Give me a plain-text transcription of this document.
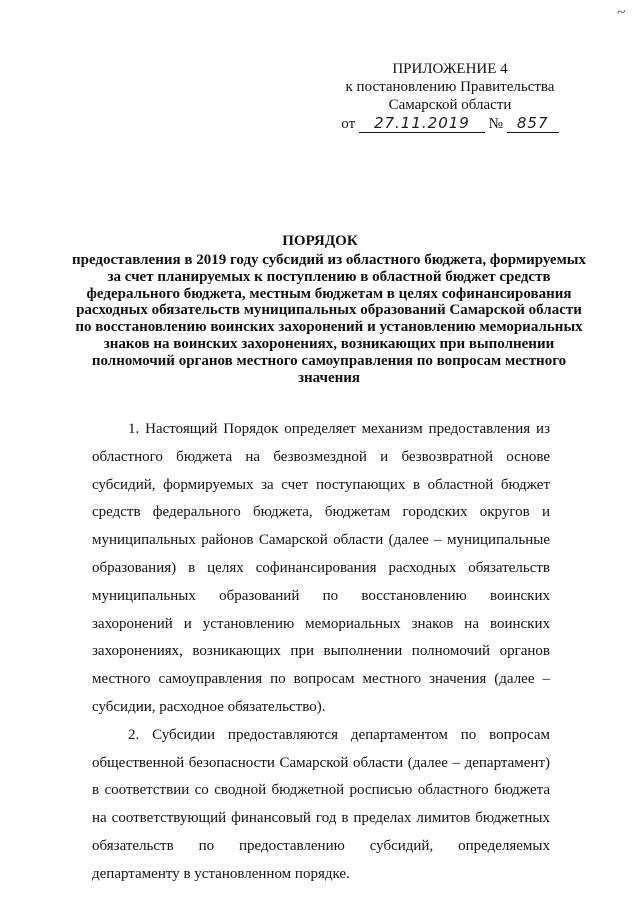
~
ПРИЛОЖЕНИЕ 4
к постановлению Правительства
Самарской области
от 27.11.2019 № 857
ПОРЯДОК
предоставления в 2019 году субсидий из областного бюджета, формируемых за счет планируемых к поступлению в областной бюджет средств федерального бюджета, местным бюджетам в целях софинансирования расходных обязательств муниципальных образований Самарской области по восстановлению воинских захоронений и установлению мемориальных знаков на воинских захоронениях, возникающих при выполнении полномочий органов местного самоуправления по вопросам местного значения

1. Настоящий Порядок определяет механизм предоставления из областного бюджета на безвозмездной и безвозвратной основе субсидий, формируемых за счет поступающих в областной бюджет средств федерального бюджета, бюджетам городских округов и муниципальных районов Самарской области (далее – муниципальные образования) в целях софинансирования расходных обязательств муниципальных образований по восстановлению воинских захоронений и установлению мемориальных знаков на воинских захоронениях, возникающих при выполнении полномочий органов местного самоуправления по вопросам местного значения (далее – субсидии, расходное обязательство).

2. Субсидии предоставляются департаментом по вопросам общественной безопасности Самарской области (далее – департамент) в соответствии со сводной бюджетной росписью областного бюджета на соответствующий финансовый год в пределах лимитов бюджетных обязательств по предоставлению субсидий, определяемых департаменту в установленном порядке.
